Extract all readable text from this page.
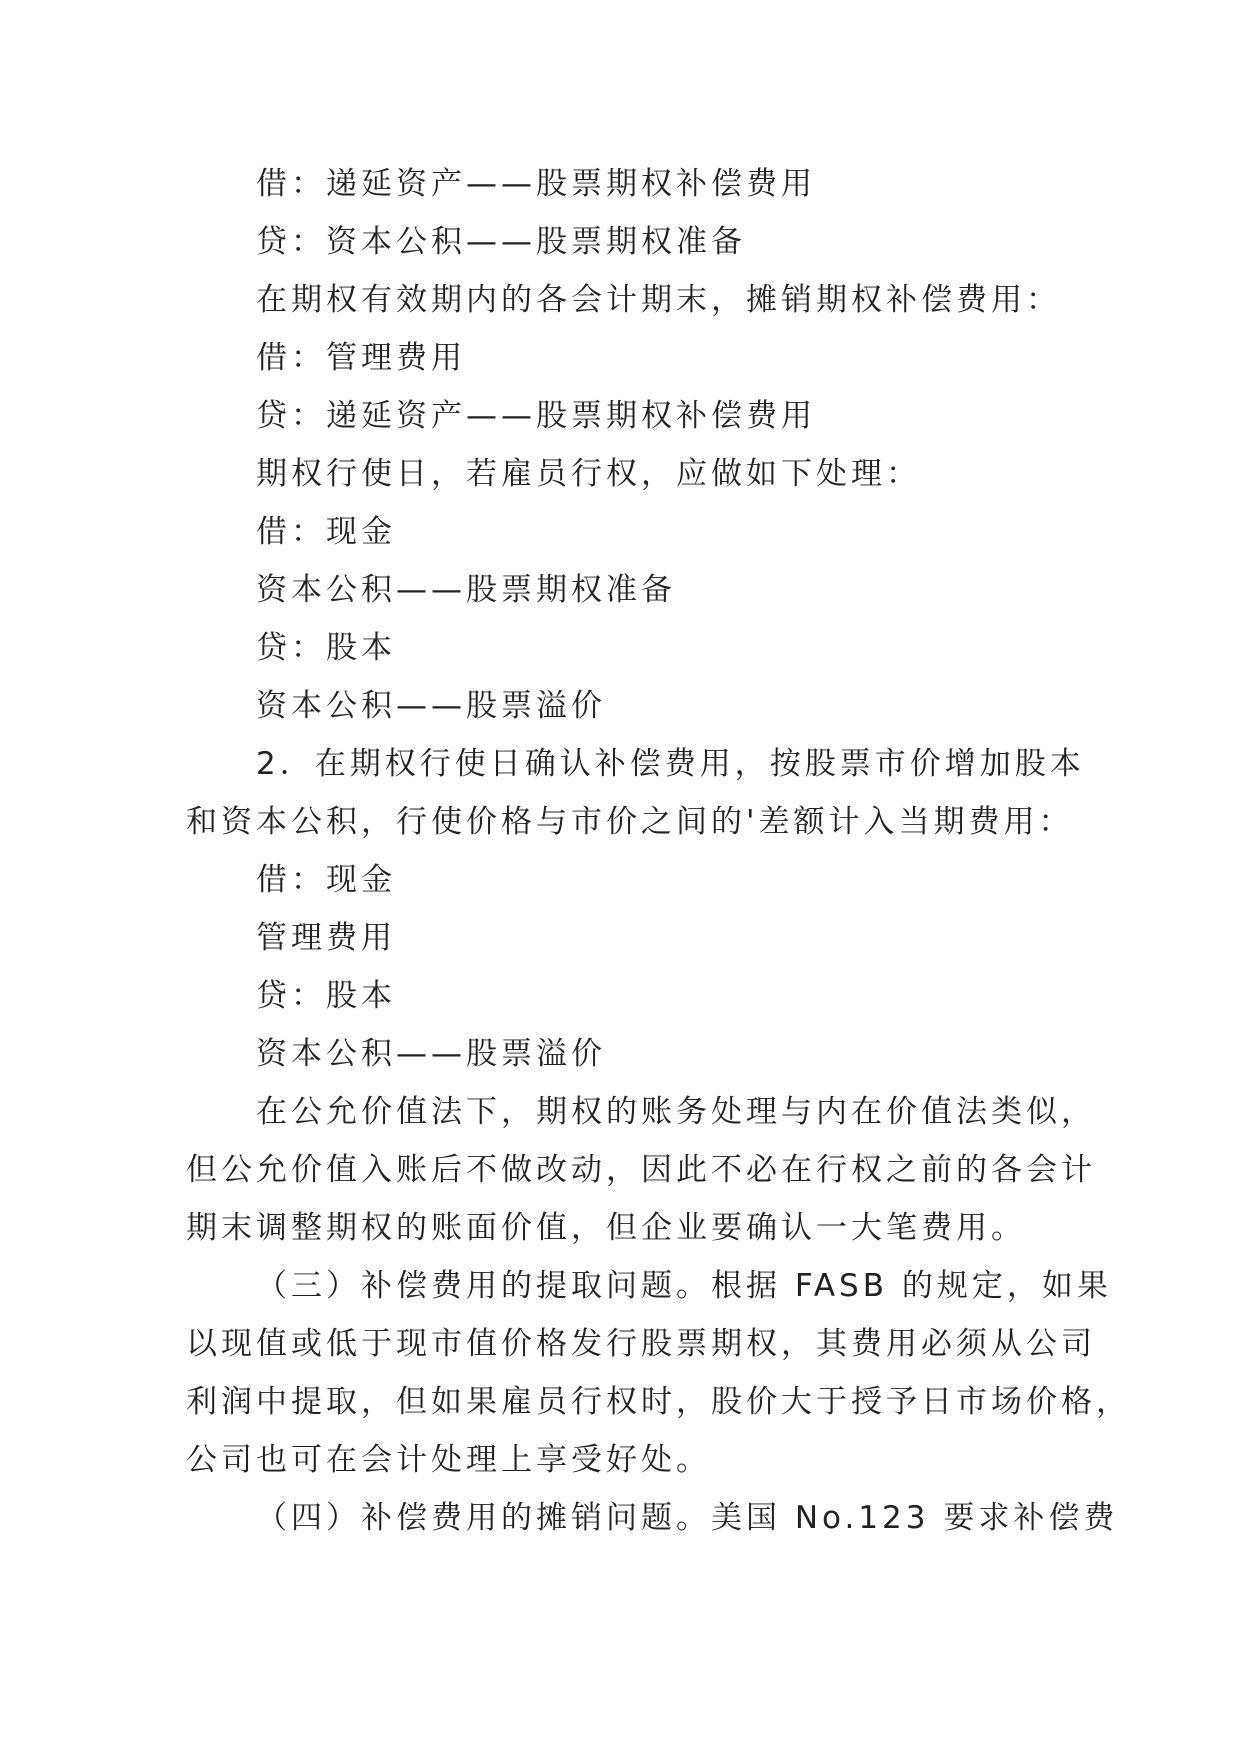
借：递延资产——股票期权补偿费用
贷：资本公积——股票期权准备
在期权有效期内的各会计期末，摊销期权补偿费用：
借：管理费用
贷：递延资产——股票期权补偿费用
期权行使日，若雇员行权，应做如下处理：
借：现金
资本公积——股票期权准备
贷：股本
资本公积——股票溢价
2．在期权行使日确认补偿费用，按股票市价增加股本
和资本公积，行使价格与市价之间的'差额计入当期费用：
借：现金
管理费用
贷：股本
资本公积——股票溢价
在公允价值法下，期权的账务处理与内在价值法类似，
但公允价值入账后不做改动，因此不必在行权之前的各会计
期末调整期权的账面价值，但企业要确认一大笔费用。
（三）补偿费用的提取问题。根据 FASB 的规定，如果
以现值或低于现市值价格发行股票期权，其费用必须从公司
利润中提取，但如果雇员行权时，股价大于授予日市场价格，
公司也可在会计处理上享受好处。
（四）补偿费用的摊销问题。美国 No.123 要求补偿费
